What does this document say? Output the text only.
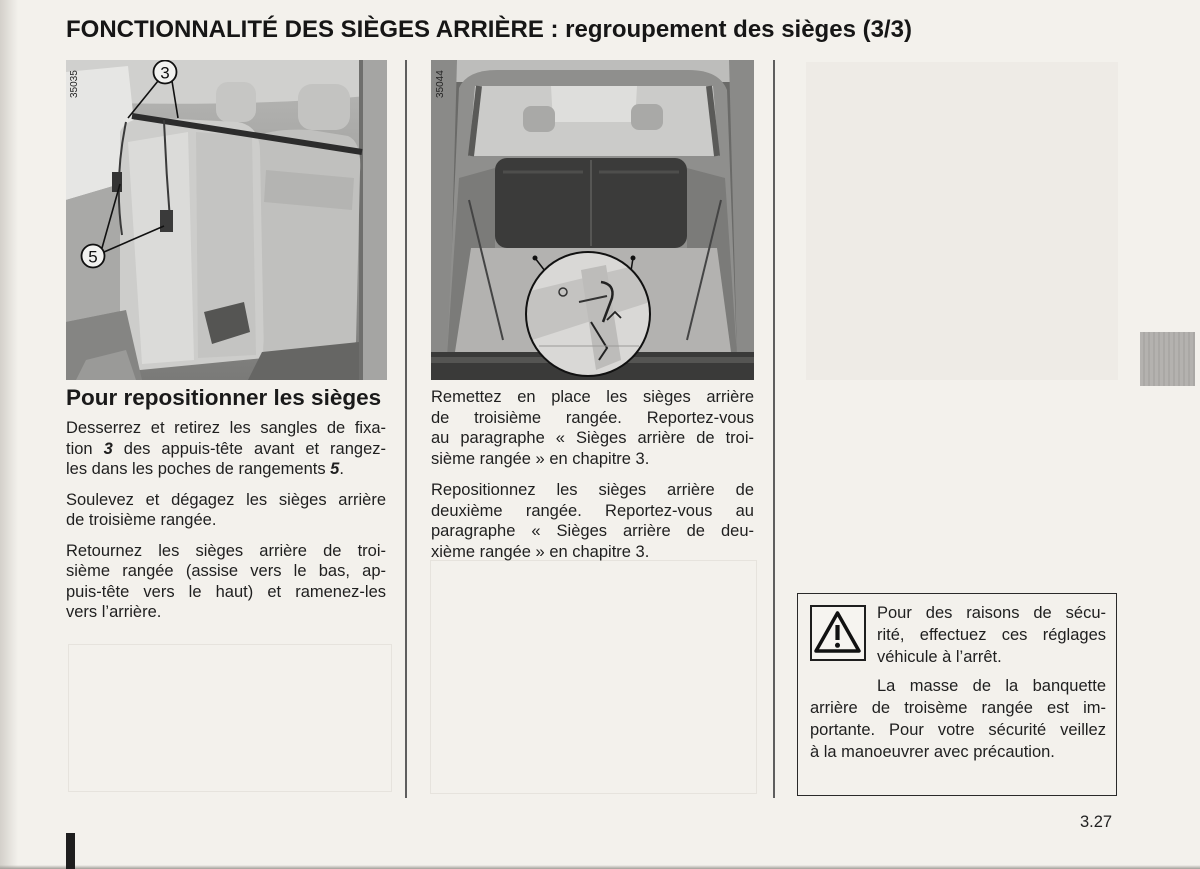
FONCTIONNALITÉ DES SIÈGES ARRIÈRE : regroupement des sièges (3/3)
3
5
35035	35044
Pour repositionner les sièges
Desserrez et retirez les sangles de fixa-
tion 3 des appuis-tête avant et rangez-
les dans les poches de rangements 5.
Soulevez et dégagez les sièges arrière
de troisième rangée.
Retournez les sièges arrière de troi-
sième rangée (assise vers le bas, ap-
puis-tête vers le haut) et ramenez-les
vers l’arrière.
Remettez en place les sièges arrière
de troisième rangée. Reportez-vous
au paragraphe « Sièges arrière de troi-
sième rangée » en chapitre 3.
Repositionnez les sièges arrière de
deuxième rangée. Reportez-vous au
paragraphe « Sièges arrière de deu-
xième rangée » en chapitre 3.
Pour des raisons de sécu-
rité, effectuez ces réglages
véhicule à l’arrêt.
La masse de la banquette
arrière de troisème rangée est im-
portante. Pour votre sécurité veillez
à la manoeuvrer avec précaution.
3.27
